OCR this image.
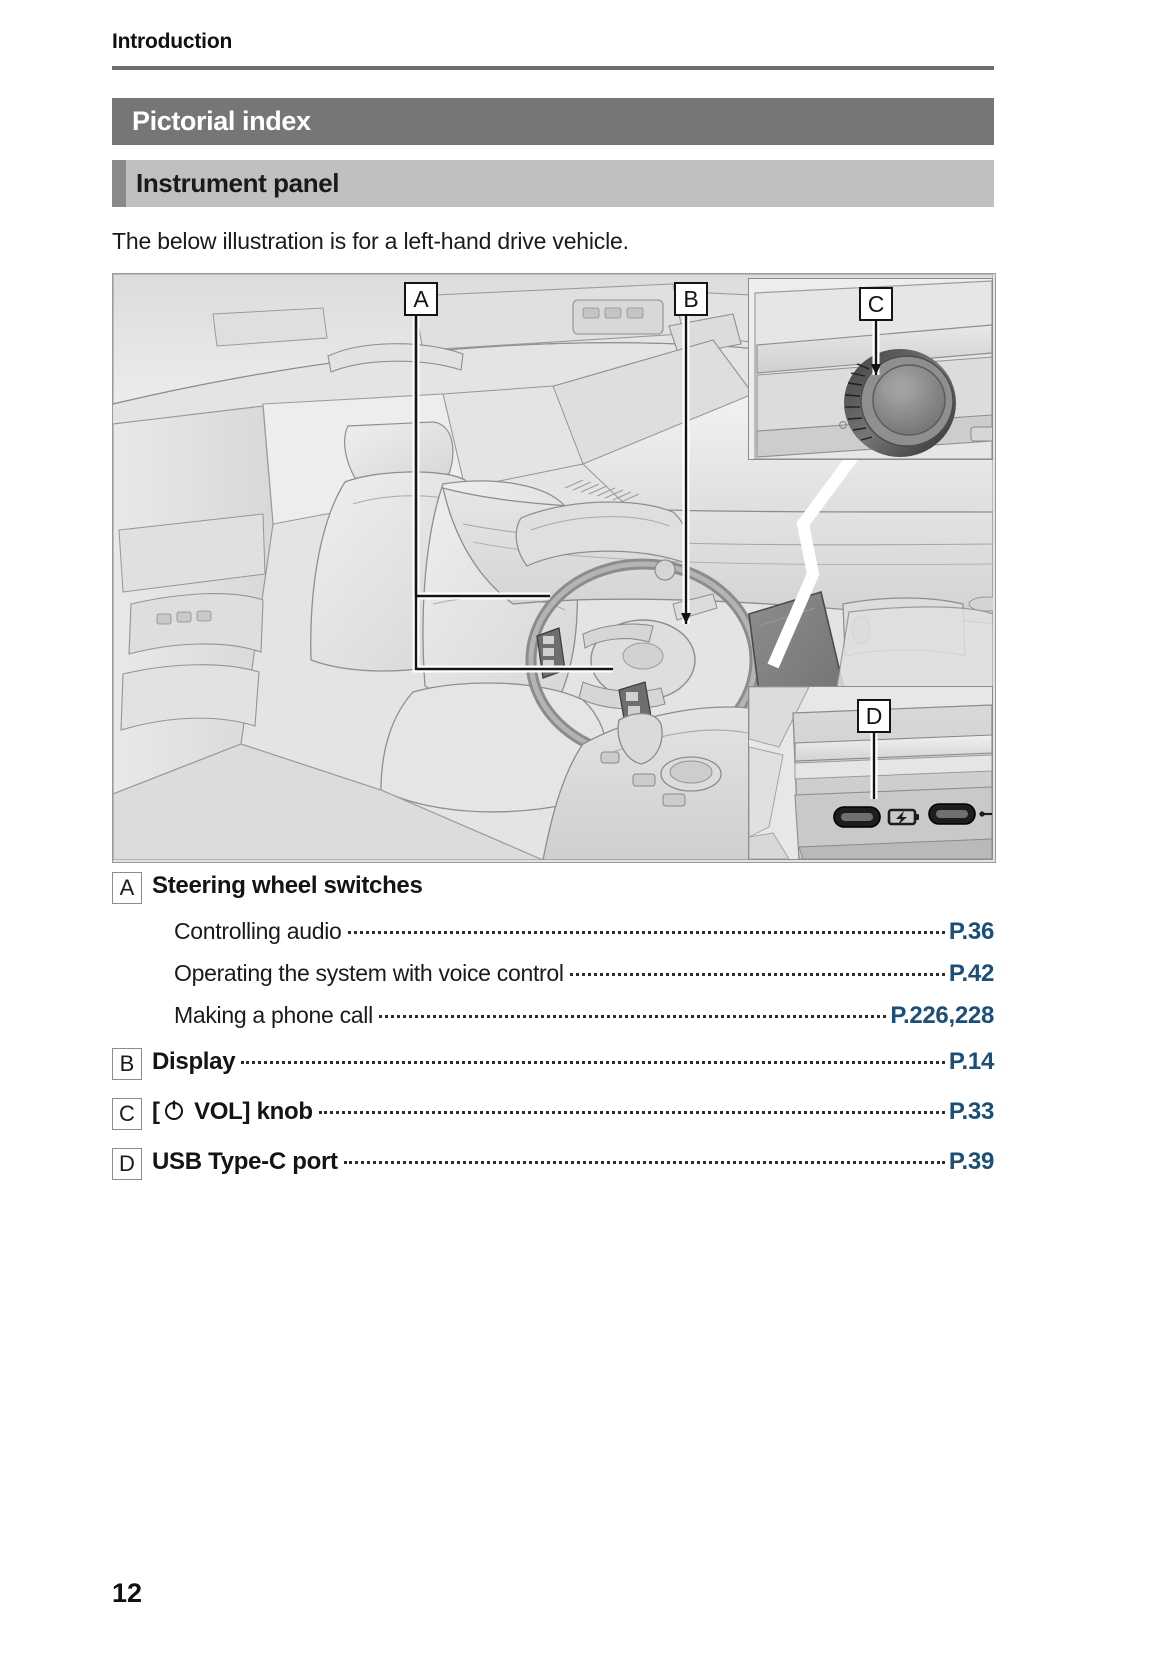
Introduction
Pictorial index
Instrument panel
The below illustration is for a left-hand drive vehicle.
A	B	C
D
A Steering wheel switches
Controlling audio	P.36
Operating the system with voice control	P.42
Making a phone call	P.226,228
B Display	P.14
C [ VOL] knob	P.33
D USB Type-C port	P.39
12
